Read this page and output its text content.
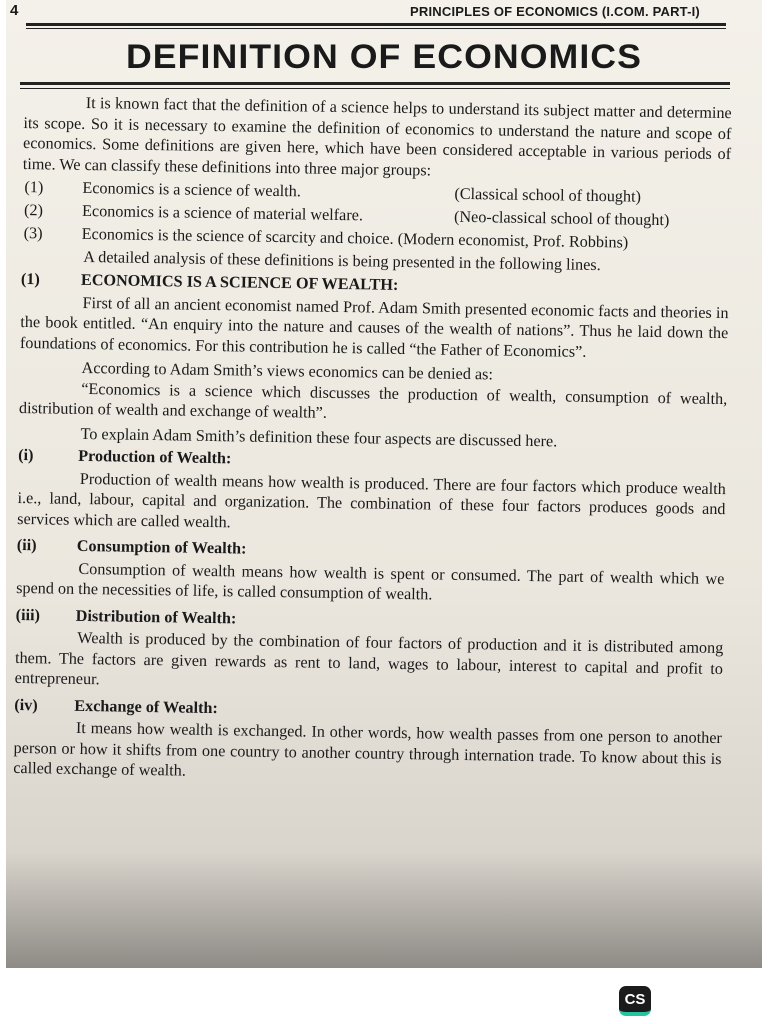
4	PRINCIPLES OF ECONOMICS (I.COM. PART-I)
DEFINITION OF ECONOMICS

It is known fact that the definition of a science helps to understand its subject matter and determine its scope. So it is necessary to examine the definition of economics to understand the nature and scope of economics. Some definitions are given here, which have been considered acceptable in various periods of time. We can classify these definitions into three major groups:

(1)	Economics is a science of wealth.	(Classical school of thought)
(2)	Economics is a science of material welfare.	(Neo-classical school of thought)
(3)	Economics is the science of scarcity and choice. (Modern economist, Prof. Robbins)

A detailed analysis of these definitions is being presented in the following lines.

(1)	ECONOMICS IS A SCIENCE OF WEALTH:

First of all an ancient economist named Prof. Adam Smith presented economic facts and theories in the book entitled. “An enquiry into the nature and causes of the wealth of nations”. Thus he laid down the foundations of economics. For this contribution he is called “the Father of Economics”.

According to Adam Smith’s views economics can be denied as:

“Economics is a science which discusses the production of wealth, consumption of wealth, distribution of wealth and exchange of wealth”.

To explain Adam Smith’s definition these four aspects are discussed here.

(i)	Production of Wealth:

Production of wealth means how wealth is produced. There are four factors which produce wealth i.e., land, labour, capital and organization. The combination of these four factors produces goods and services which are called wealth.

(ii)	Consumption of Wealth:

Consumption of wealth means how wealth is spent or consumed. The part of wealth which we spend on the necessities of life, is called consumption of wealth.

(iii)	Distribution of Wealth:

Wealth is produced by the combination of four factors of production and it is distributed among them. The factors are given rewards as rent to land, wages to labour, interest to capital and profit to entrepreneur.

(iv)	Exchange of Wealth:

It means how wealth is exchanged. In other words, how wealth passes from one person to another person or how it shifts from one country to another country through internation trade. To know about this is called exchange of wealth.

CS
